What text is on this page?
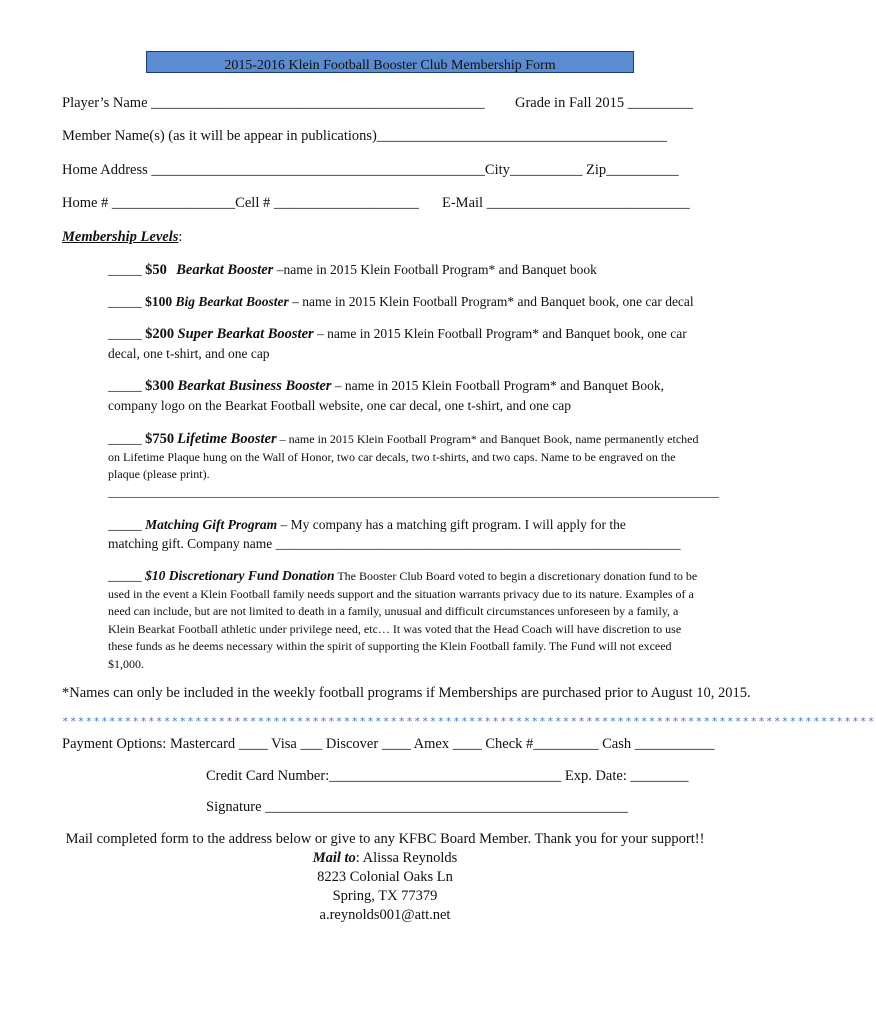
2015-2016 Klein Football Booster Club Membership Form
Player’s Name ______________________________________________ Grade in Fall 2015 _________
Member Name(s) (as it will be appear in publications)________________________________________
Home Address ______________________________________________City__________ Zip__________
Home # _________________Cell # ____________________ E-Mail ____________________________
Membership Levels:
_____ $50 Bearkat Booster –name in 2015 Klein Football Program* and Banquet book
_____ $100 Big Bearkat Booster – name in 2015 Klein Football Program* and Banquet book, one car decal
_____ $200 Super Bearkat Booster – name in 2015 Klein Football Program* and Banquet book, one car
decal, one t-shirt, and one cap
_____ $300 Bearkat Business Booster – name in 2015 Klein Football Program* and Banquet Book,
company logo on the Bearkat Football website, one car decal, one t-shirt, and one cap
_____ $750 Lifetime Booster – name in 2015 Klein Football Program* and Banquet Book, name permanently etched
on Lifetime Plaque hung on the Wall of Honor, two car decals, two t-shirts, and two caps. Name to be engraved on the
plaque (please print).
______________________________________________________________________________________________
_____ Matching Gift Program – My company has a matching gift program. I will apply for the
matching gift. Company name ____________________________________________________________
_____ $10 Discretionary Fund Donation The Booster Club Board voted to begin a discretionary donation fund to be
used in the event a Klein Football family needs support and the situation warrants privacy due to its nature. Examples of a
need can include, but are not limited to death in a family, unusual and difficult circumstances unforeseen by a family, a
Klein Bearkat Football athletic under privilege need, etc… It was voted that the Head Coach will have discretion to use
these funds as he deems necessary within the spirit of supporting the Klein Football family. The Fund will not exceed
$1,000.
*Names can only be included in the weekly football programs if Memberships are purchased prior to August 10, 2015.
********************************************************************************************************
Payment Options: Mastercard ____ Visa ___ Discover ____ Amex ____ Check #_________ Cash ___________
Credit Card Number:________________________________ Exp. Date: ________
Signature __________________________________________________
Mail completed form to the address below or give to any KFBC Board Member. Thank you for your support!!
Mail to: Alissa Reynolds
8223 Colonial Oaks Ln
Spring, TX 77379
a.reynolds001@att.net
